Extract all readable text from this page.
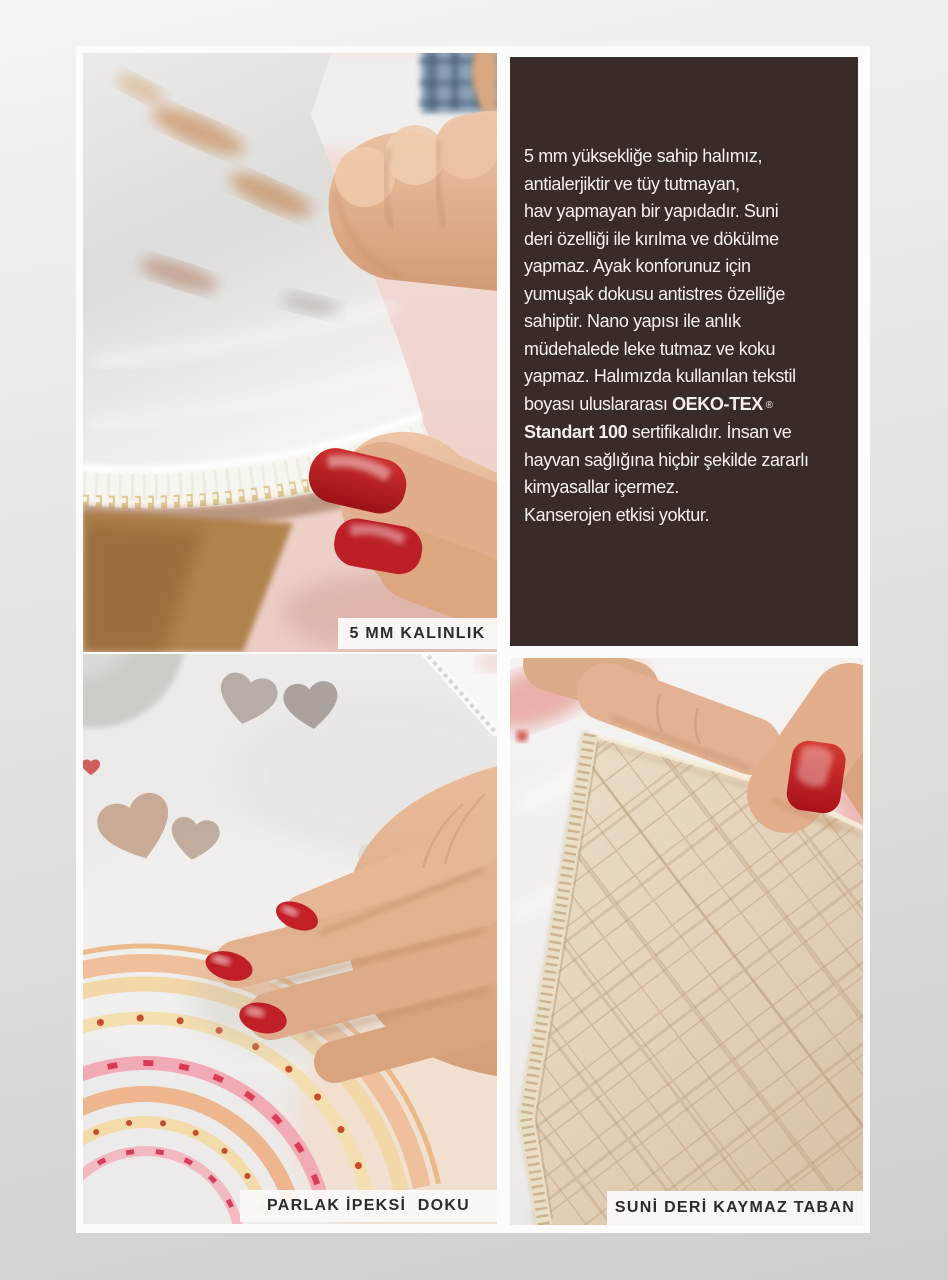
5 MM KALINLIK
5 mm yüksekliğe sahip halımız,
antialerjiktir ve tüy tutmayan,
hav yapmayan bir yapıdadır. Suni
deri özelliği ile kırılma ve dökülme
yapmaz. Ayak konforunuz için
yumuşak dokusu antistres özelliğe
sahiptir. Nano yapısı ile anlık
müdehalede leke tutmaz ve koku
yapmaz. Halımızda kullanılan tekstil
boyası uluslararası OEKO-TEX ®
Standart 100 sertifikalıdır. İnsan ve
hayvan sağlığına hiçbir şekilde zararlı
kimyasallar içermez.
Kanserojen etkisi yoktur.
PARLAK İPEKSİ  DOKU	SUNİ DERİ KAYMAZ TABAN
